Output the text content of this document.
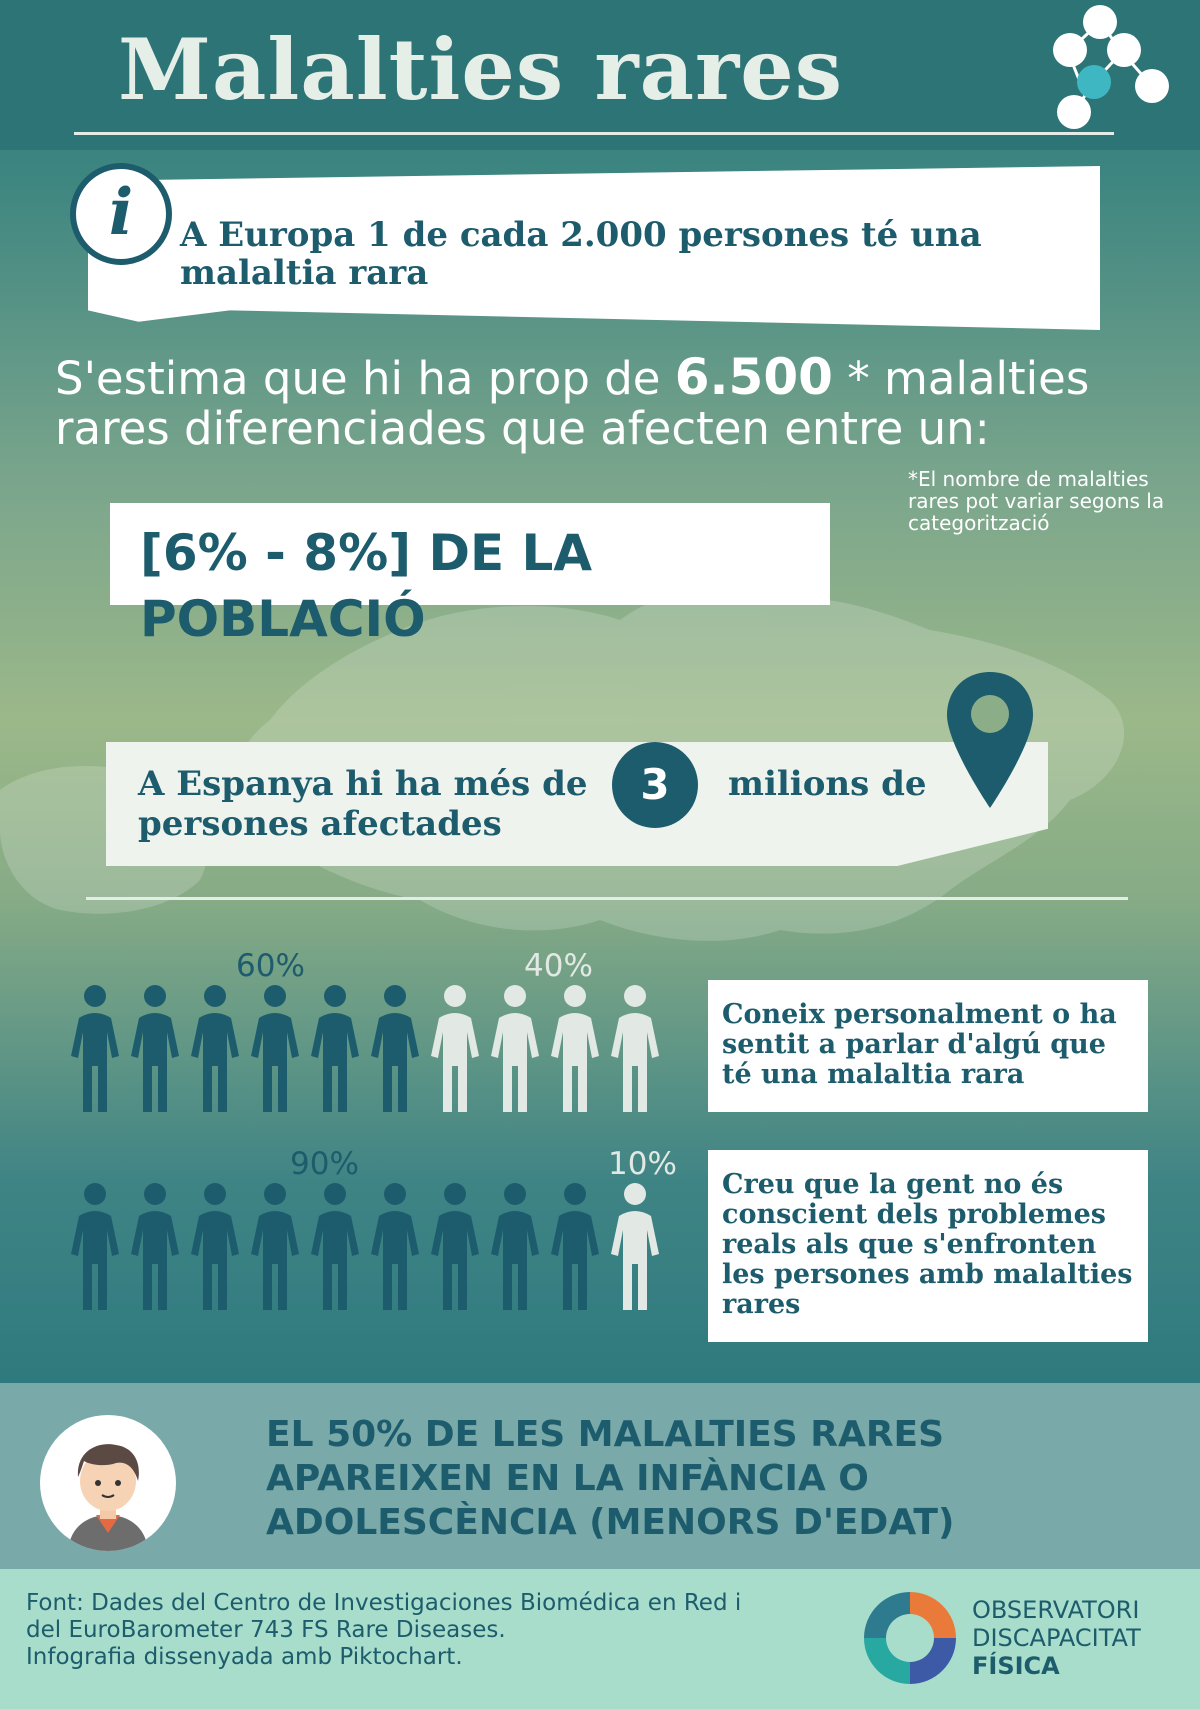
Malalties rares
i	A Europa 1 de cada 2.000 persones té una malaltia rara
S'estima que hi ha prop de 6.500 * malalties rares diferenciades que afecten entre un:
*El nombre de malalties rares pot variar segons la categorització
[6% - 8%] DE LA POBLACIÓ
A Espanya hi ha més de	3	milions de
persones afectades
60%	40%
Coneix personalment o ha sentit a parlar d'algú que té una malaltia rara
90%	10%
Creu que la gent no és conscient dels problemes reals als que s'enfronten les persones amb malalties rares
EL 50% DE LES MALALTIES RARES APAREIXEN EN LA INFÀNCIA O ADOLESCÈNCIA (MENORS D'EDAT)
Font: Dades del Centro de Investigaciones Biomédica en Red i
del EuroBarometer 743 FS Rare Diseases.
Infografia dissenyada amb Piktochart.
OBSERVATORI
DISCAPACITAT
FÍSICA
